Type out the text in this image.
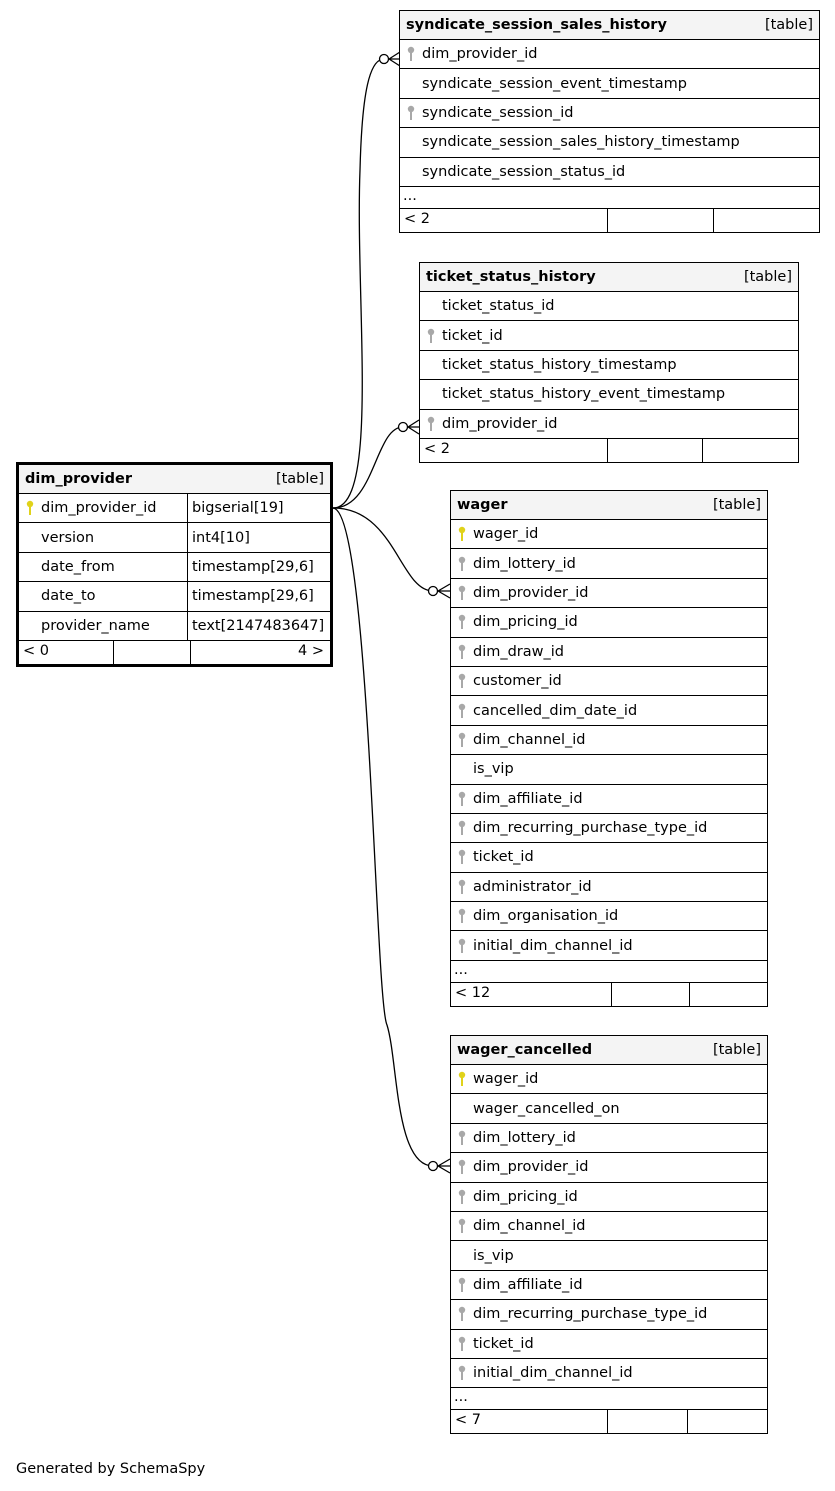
syndicate_session_sales_history	[table]
dim_provider_id
syndicate_session_event_timestamp
syndicate_session_id
syndicate_session_sales_history_timestamp
syndicate_session_status_id
...
< 2
ticket_status_history	[table]
ticket_status_id
ticket_id
ticket_status_history_timestamp
ticket_status_history_event_timestamp
dim_provider_id
< 2
dim_provider	[table]
dim_provider_id	bigserial[19]
version	int4[10]
date_from	timestamp[29,6]
date_to	timestamp[29,6]
provider_name	text[2147483647]
< 0	4 >
wager	[table]
wager_id
dim_lottery_id
dim_provider_id
dim_pricing_id
dim_draw_id
customer_id
cancelled_dim_date_id
dim_channel_id
is_vip
dim_affiliate_id
dim_recurring_purchase_type_id
ticket_id
administrator_id
dim_organisation_id
initial_dim_channel_id
...
< 12
wager_cancelled	[table]
wager_id
wager_cancelled_on
dim_lottery_id
dim_provider_id
dim_pricing_id
dim_channel_id
is_vip
dim_affiliate_id
dim_recurring_purchase_type_id
ticket_id
initial_dim_channel_id
...
< 7
Generated by SchemaSpy
